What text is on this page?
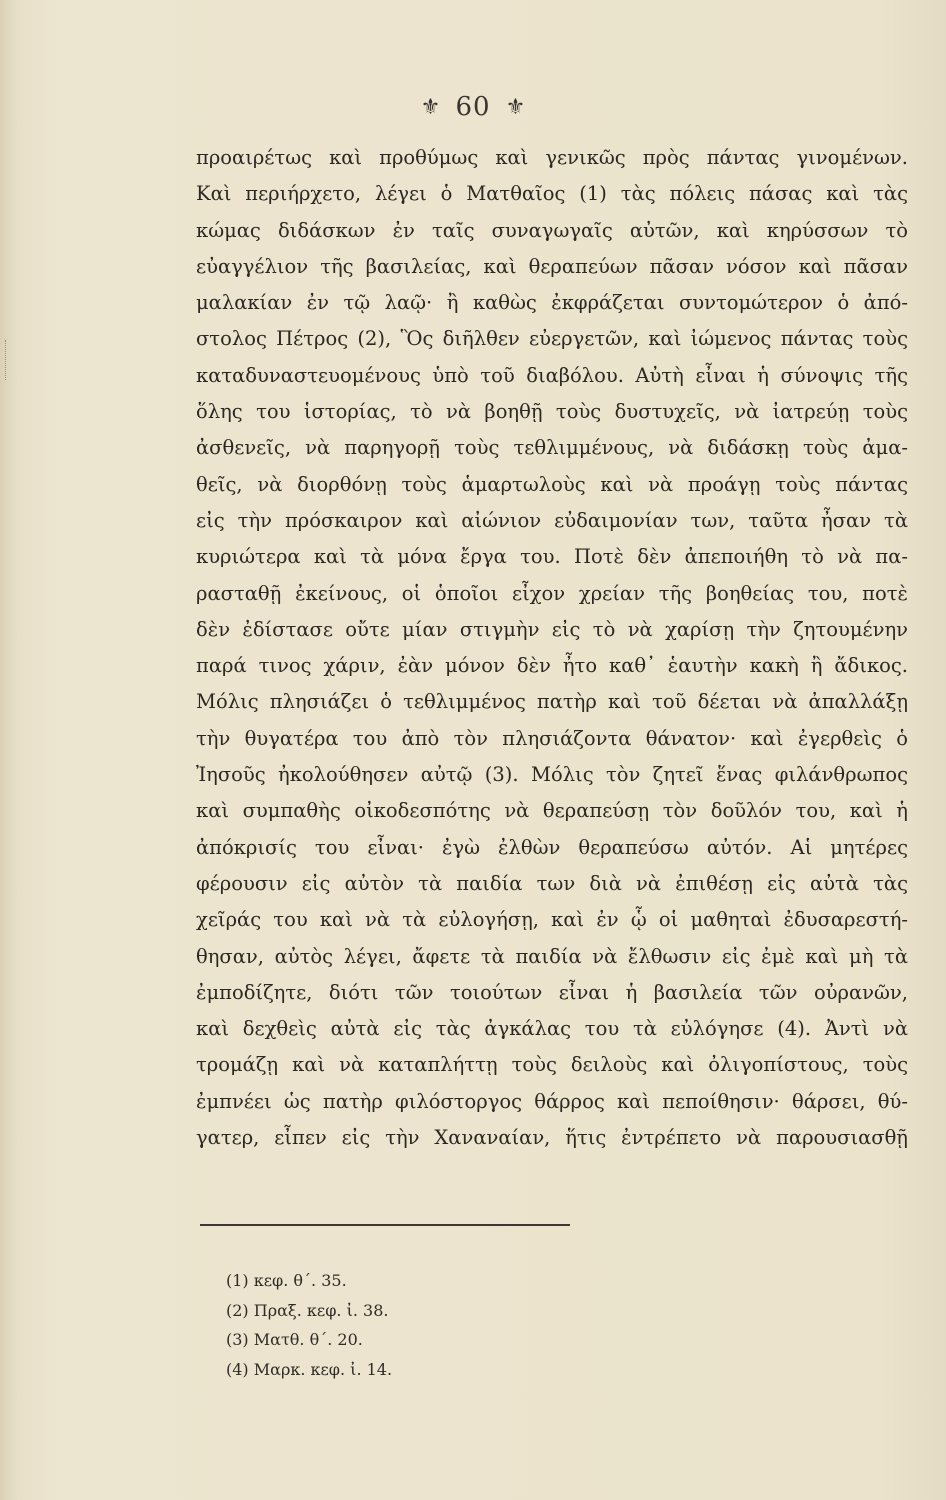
⚜ 60 ⚜
προαιρέτως καὶ προθύμως καὶ γενικῶς πρὸς πάντας γινομένων.
Καὶ περιήρχετο, λέγει ὁ Ματθαῖος (1) τὰς πόλεις πάσας καὶ τὰς
κώμας διδάσκων ἐν ταῖς συναγωγαῖς αὐτῶν, καὶ κηρύσσων τὸ
εὐαγγέλιον τῆς βασιλείας, καὶ θεραπεύων πᾶσαν νόσον καὶ πᾶσαν
μαλακίαν ἐν τῷ λαῷ· ἢ καθὼς ἐκφράζεται συντομώτερον ὁ ἀπό-
στολος Πέτρος (2), Ὃς διῆλθεν εὐεργετῶν, καὶ ἰώμενος πάντας τοὺς
καταδυναστευομένους ὑπὸ τοῦ διαβόλου. Αὐτὴ εἶναι ἡ σύνοψις τῆς
ὅλης του ἱστορίας, τὸ νὰ βοηθῇ τοὺς δυστυχεῖς, νὰ ἰατρεύῃ τοὺς
ἀσθενεῖς, νὰ παρηγορῇ τοὺς τεθλιμμένους, νὰ διδάσκῃ τοὺς ἀμα-
θεῖς, νὰ διορθόνῃ τοὺς ἁμαρτωλοὺς καὶ νὰ προάγῃ τοὺς πάντας
εἰς τὴν πρόσκαιρον καὶ αἰώνιον εὐδαιμονίαν των, ταῦτα ἦσαν τὰ
κυριώτερα καὶ τὰ μόνα ἔργα του. Ποτὲ δὲν ἀπεποιήθη τὸ νὰ πα-
ρασταθῇ ἐκείνους, οἱ ὁποῖοι εἶχον χρείαν τῆς βοηθείας του, ποτὲ
δὲν ἐδίστασε οὔτε μίαν στιγμὴν εἰς τὸ νὰ χαρίσῃ τὴν ζητουμένην
παρά τινος χάριν, ἐὰν μόνον δὲν ἦτο καθ᾿ ἑαυτὴν κακὴ ἢ ἄδικος.
Μόλις πλησιάζει ὁ τεθλιμμένος πατὴρ καὶ τοῦ δέεται νὰ ἀπαλλάξῃ
τὴν θυγατέρα του ἀπὸ τὸν πλησιάζοντα θάνατον· καὶ ἐγερθεὶς ὁ
Ἰησοῦς ἠκολούθησεν αὐτῷ (3). Μόλις τὸν ζητεῖ ἕνας φιλάνθρωπος
καὶ συμπαθὴς οἰκοδεσπότης νὰ θεραπεύσῃ τὸν δοῦλόν του, καὶ ἡ
ἀπόκρισίς του εἶναι· ἐγὼ ἐλθὼν θεραπεύσω αὐτόν. Αἱ μητέρες
φέρουσιν εἰς αὐτὸν τὰ παιδία των διὰ νὰ ἐπιθέσῃ εἰς αὐτὰ τὰς
χεῖράς του καὶ νὰ τὰ εὐλογήσῃ, καὶ ἐν ᾧ οἱ μαθηταὶ ἐδυσαρεστή-
θησαν, αὐτὸς λέγει, ἄφετε τὰ παιδία νὰ ἔλθωσιν εἰς ἐμὲ καὶ μὴ τὰ
ἐμποδίζητε, διότι τῶν τοιούτων εἶναι ἡ βασιλεία τῶν οὐρανῶν,
καὶ δεχθεὶς αὐτὰ εἰς τὰς ἀγκάλας του τὰ εὐλόγησε (4). Ἀντὶ νὰ
τρομάζῃ καὶ νὰ καταπλήττῃ τοὺς δειλοὺς καὶ ὀλιγοπίστους, τοὺς
ἐμπνέει ὡς πατὴρ φιλόστοργος θάρρος καὶ πεποίθησιν· θάρσει, θύ-
γατερ, εἶπεν εἰς τὴν Χαναναίαν, ἥτις ἐντρέπετο νὰ παρουσιασθῇ
(1) κεφ. θ΄. 35.
(2) Πραξ. κεφ. ἰ. 38.
(3) Ματθ. θ΄. 20.
(4) Μαρκ. κεφ. ἰ. 14.
